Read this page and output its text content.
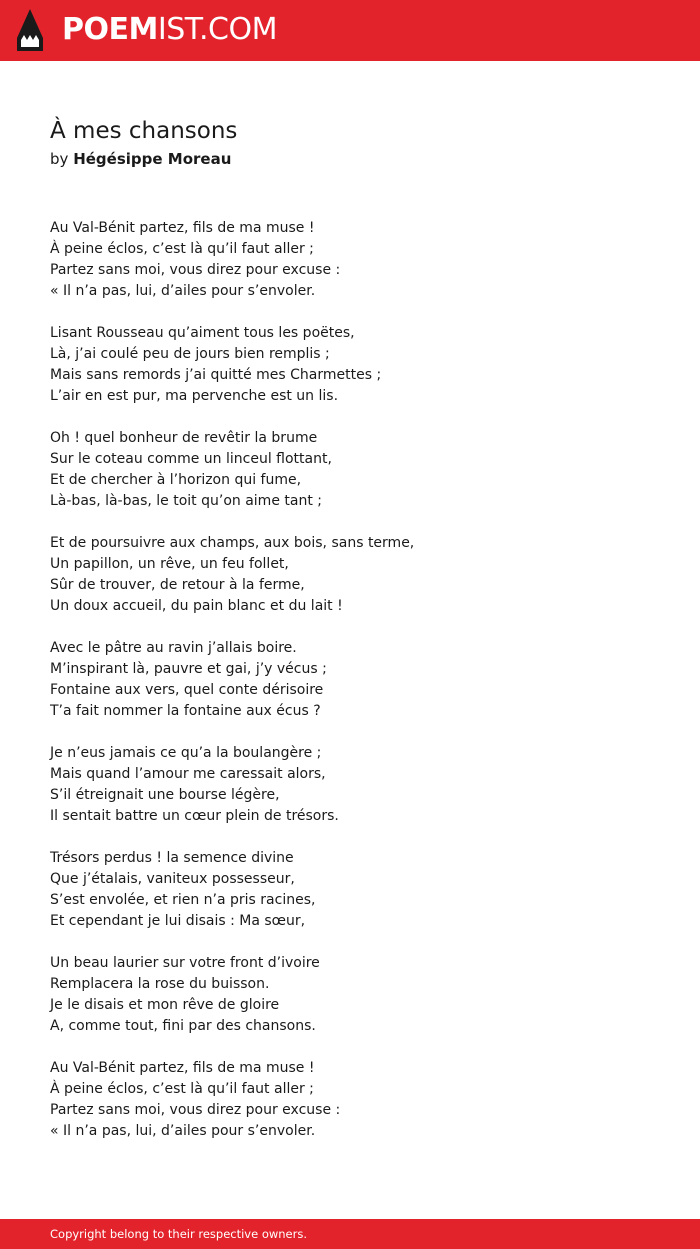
POEMIST.COM
À mes chansons
by Hégésippe Moreau
Au Val-Bénit partez, fils de ma muse !
À peine éclos, c’est là qu’il faut aller ;
Partez sans moi, vous direz pour excuse :
« Il n’a pas, lui, d’ailes pour s’envoler.
Lisant Rousseau qu’aiment tous les poëtes,
Là, j’ai coulé peu de jours bien remplis ;
Mais sans remords j’ai quitté mes Charmettes ;
L’air en est pur, ma pervenche est un lis.
Oh ! quel bonheur de revêtir la brume
Sur le coteau comme un linceul flottant,
Et de chercher à l’horizon qui fume,
Là-bas, là-bas, le toit qu’on aime tant ;
Et de poursuivre aux champs, aux bois, sans terme,
Un papillon, un rêve, un feu follet,
Sûr de trouver, de retour à la ferme,
Un doux accueil, du pain blanc et du lait !
Avec le pâtre au ravin j’allais boire.
M’inspirant là, pauvre et gai, j’y vécus ;
Fontaine aux vers, quel conte dérisoire
T’a fait nommer la fontaine aux écus ?
Je n’eus jamais ce qu’a la boulangère ;
Mais quand l’amour me caressait alors,
S’il étreignait une bourse légère,
Il sentait battre un cœur plein de trésors.
Trésors perdus ! la semence divine
Que j’étalais, vaniteux possesseur,
S’est envolée, et rien n’a pris racines,
Et cependant je lui disais : Ma sœur,
Un beau laurier sur votre front d’ivoire
Remplacera la rose du buisson.
Je le disais et mon rêve de gloire
A, comme tout, fini par des chansons.
Au Val-Bénit partez, fils de ma muse !
À peine éclos, c’est là qu’il faut aller ;
Partez sans moi, vous direz pour excuse :
« Il n’a pas, lui, d’ailes pour s’envoler.
Copyright belong to their respective owners.
